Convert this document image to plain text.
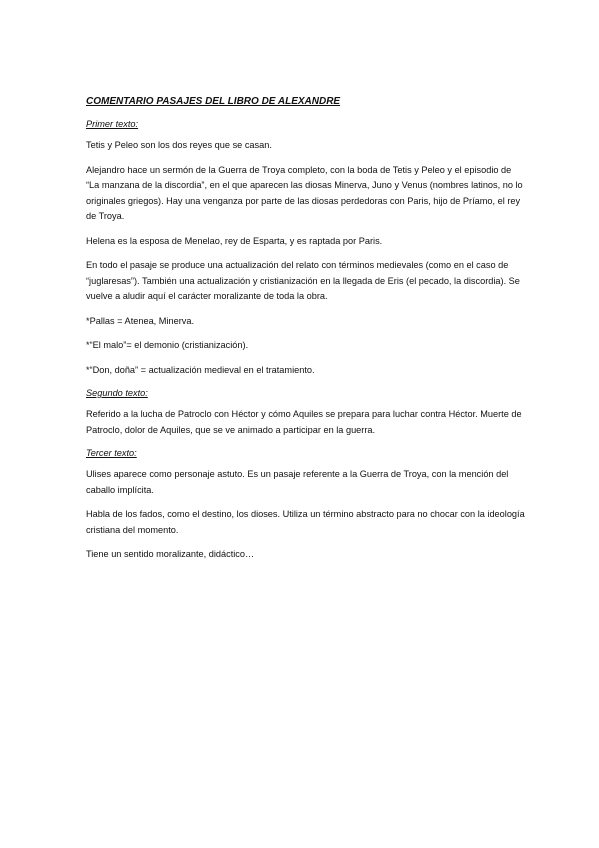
COMENTARIO PASAJES DEL LIBRO DE ALEXANDRE
Primer texto:

Tetis y Peleo son los dos reyes que se casan.

Alejandro hace un sermón de la Guerra de Troya completo, con la boda de Tetis y Peleo y el episodio de “La manzana de la discordia”, en el que aparecen las diosas Minerva, Juno y Venus (nombres latinos, no lo originales griegos). Hay una venganza por parte de las diosas perdedoras con Paris, hijo de Príamo, el rey de Troya.

Helena es la esposa de Menelao, rey de Esparta, y es raptada por Paris.

En todo el pasaje se produce una actualización del relato con términos medievales (como en el caso de “juglaresas”). También una actualización y cristianización en la llegada de Eris (el pecado, la discordia). Se vuelve a aludir aquí el carácter moralizante de toda la obra.

*Pallas = Atenea, Minerva.

*“El malo”= el demonio (cristianización).

*“Don, doña” = actualización medieval en el tratamiento.

Segundo texto:

Referido a la lucha de Patroclo con Héctor y cómo Aquiles se prepara para luchar contra Héctor. Muerte de Patroclo, dolor de Aquiles, que se ve animado a participar en la guerra.

Tercer texto:

Ulises aparece como personaje astuto. Es un pasaje referente a la Guerra de Troya, con la mención del caballo implícita.

Habla de los fados, como el destino, los dioses. Utiliza un término abstracto para no chocar con la ideología cristiana del momento.

Tiene un sentido moralizante, didáctico…
